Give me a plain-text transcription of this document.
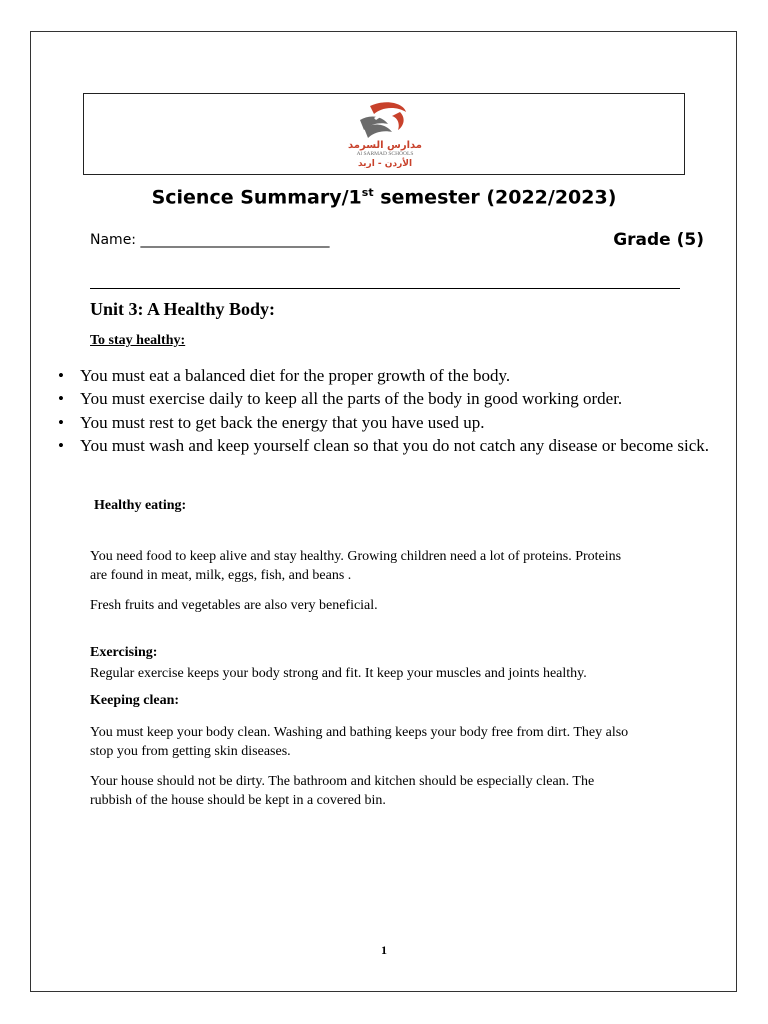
مدارس السرمد
Al SARMAD SCHOOLS
الأردن - اربد
Science Summary/1st semester (2022/2023)
Name: ___________________________	Grade (5)
Unit 3: A Healthy Body:
To stay healthy:
• You must eat a balanced diet for the proper growth of the body.
• You must exercise daily to keep all the parts of the body in good working order.
• You must rest to get back the energy that you have used up.
• You must wash and keep yourself clean so that you do not catch any disease or become sick.
Healthy eating:
You need food to keep alive and stay healthy. Growing children need a lot of proteins. Proteins
are found in meat, milk, eggs, fish, and beans .
Fresh fruits and vegetables are also very beneficial.
Exercising:
Regular exercise keeps your body strong and fit. It keep your muscles and joints healthy.
Keeping clean:
You must keep your body clean. Washing and bathing keeps your body free from dirt. They also
stop you from getting skin diseases.
Your house should not be dirty. The bathroom and kitchen should be especially clean. The
rubbish of the house should be kept in a covered bin.
1
